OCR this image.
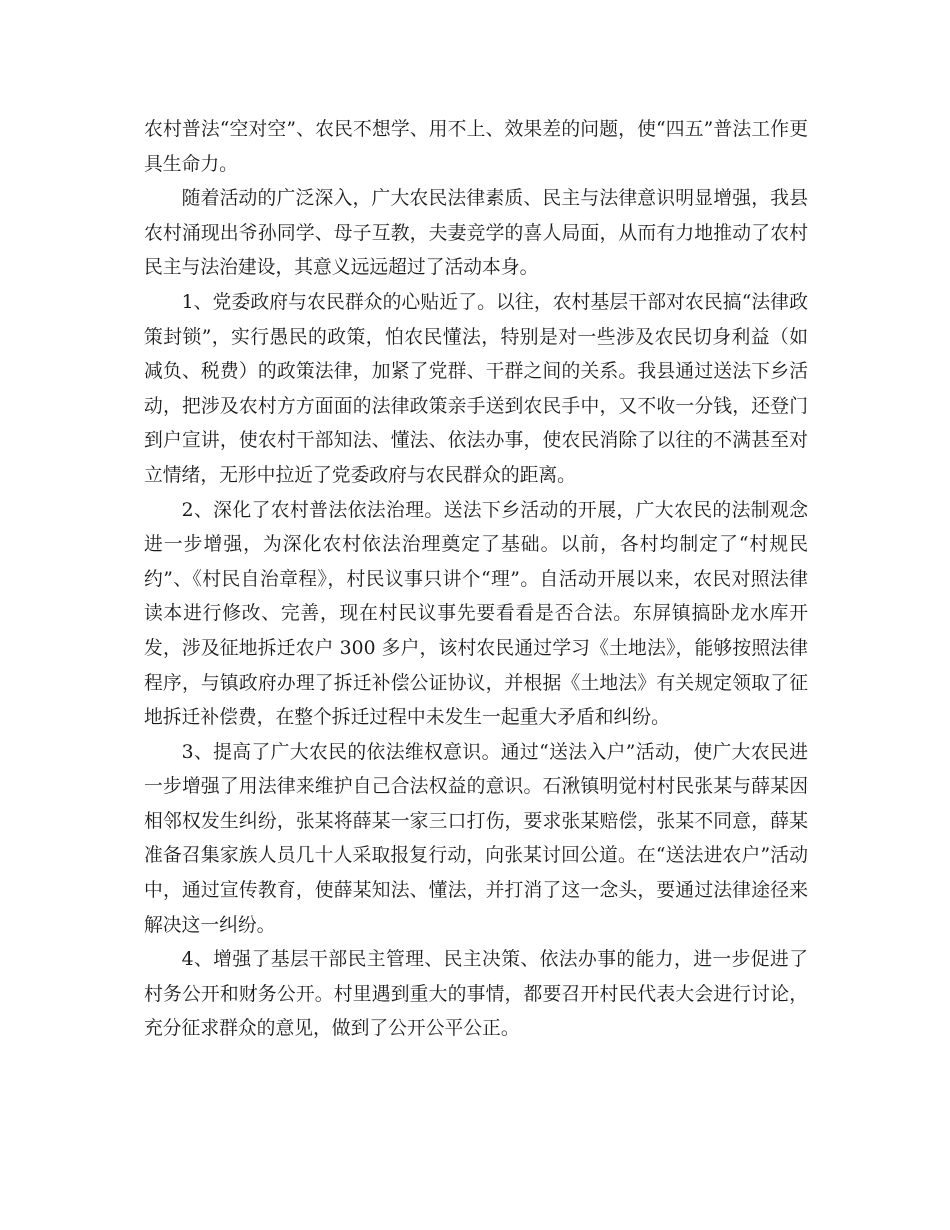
农村普法“空对空”、农民不想学、用不上、效果差的问题，使“四五”普法工作更具生命力。

随着活动的广泛深入，广大农民法律素质、民主与法律意识明显增强，我县农村涌现出爷孙同学、母子互教，夫妻竞学的喜人局面，从而有力地推动了农村民主与法治建设，其意义远远超过了活动本身。

1、党委政府与农民群众的心贴近了。以往，农村基层干部对农民搞“法律政策封锁”，实行愚民的政策，怕农民懂法，特别是对一些涉及农民切身利益（如减负、税费）的政策法律，加紧了党群、干群之间的关系。我县通过送法下乡活动，把涉及农村方方面面的法律政策亲手送到农民手中，又不收一分钱，还登门到户宣讲，使农村干部知法、懂法、依法办事，使农民消除了以往的不满甚至对立情绪，无形中拉近了党委政府与农民群众的距离。

2、深化了农村普法依法治理。送法下乡活动的开展，广大农民的法制观念进一步增强，为深化农村依法治理奠定了基础。以前，各村均制定了“村规民约”、《村民自治章程》，村民议事只讲个“理”。自活动开展以来，农民对照法律读本进行修改、完善，现在村民议事先要看看是否合法。东屏镇搞卧龙水库开发，涉及征地拆迁农户 300 多户，该村农民通过学习《土地法》，能够按照法律程序，与镇政府办理了拆迁补偿公证协议，并根据《土地法》有关规定领取了征地拆迁补偿费，在整个拆迁过程中未发生一起重大矛盾和纠纷。

3、提高了广大农民的依法维权意识。通过“送法入户”活动，使广大农民进一步增强了用法律来维护自己合法权益的意识。石湫镇明觉村村民张某与薛某因相邻权发生纠纷，张某将薛某一家三口打伤，要求张某赔偿，张某不同意，薛某准备召集家族人员几十人采取报复行动，向张某讨回公道。在“送法进农户”活动中，通过宣传教育，使薛某知法、懂法，并打消了这一念头，要通过法律途径来解决这一纠纷。

4、增强了基层干部民主管理、民主决策、依法办事的能力，进一步促进了村务公开和财务公开。村里遇到重大的事情，都要召开村民代表大会进行讨论，充分征求群众的意见，做到了公开公平公正。
